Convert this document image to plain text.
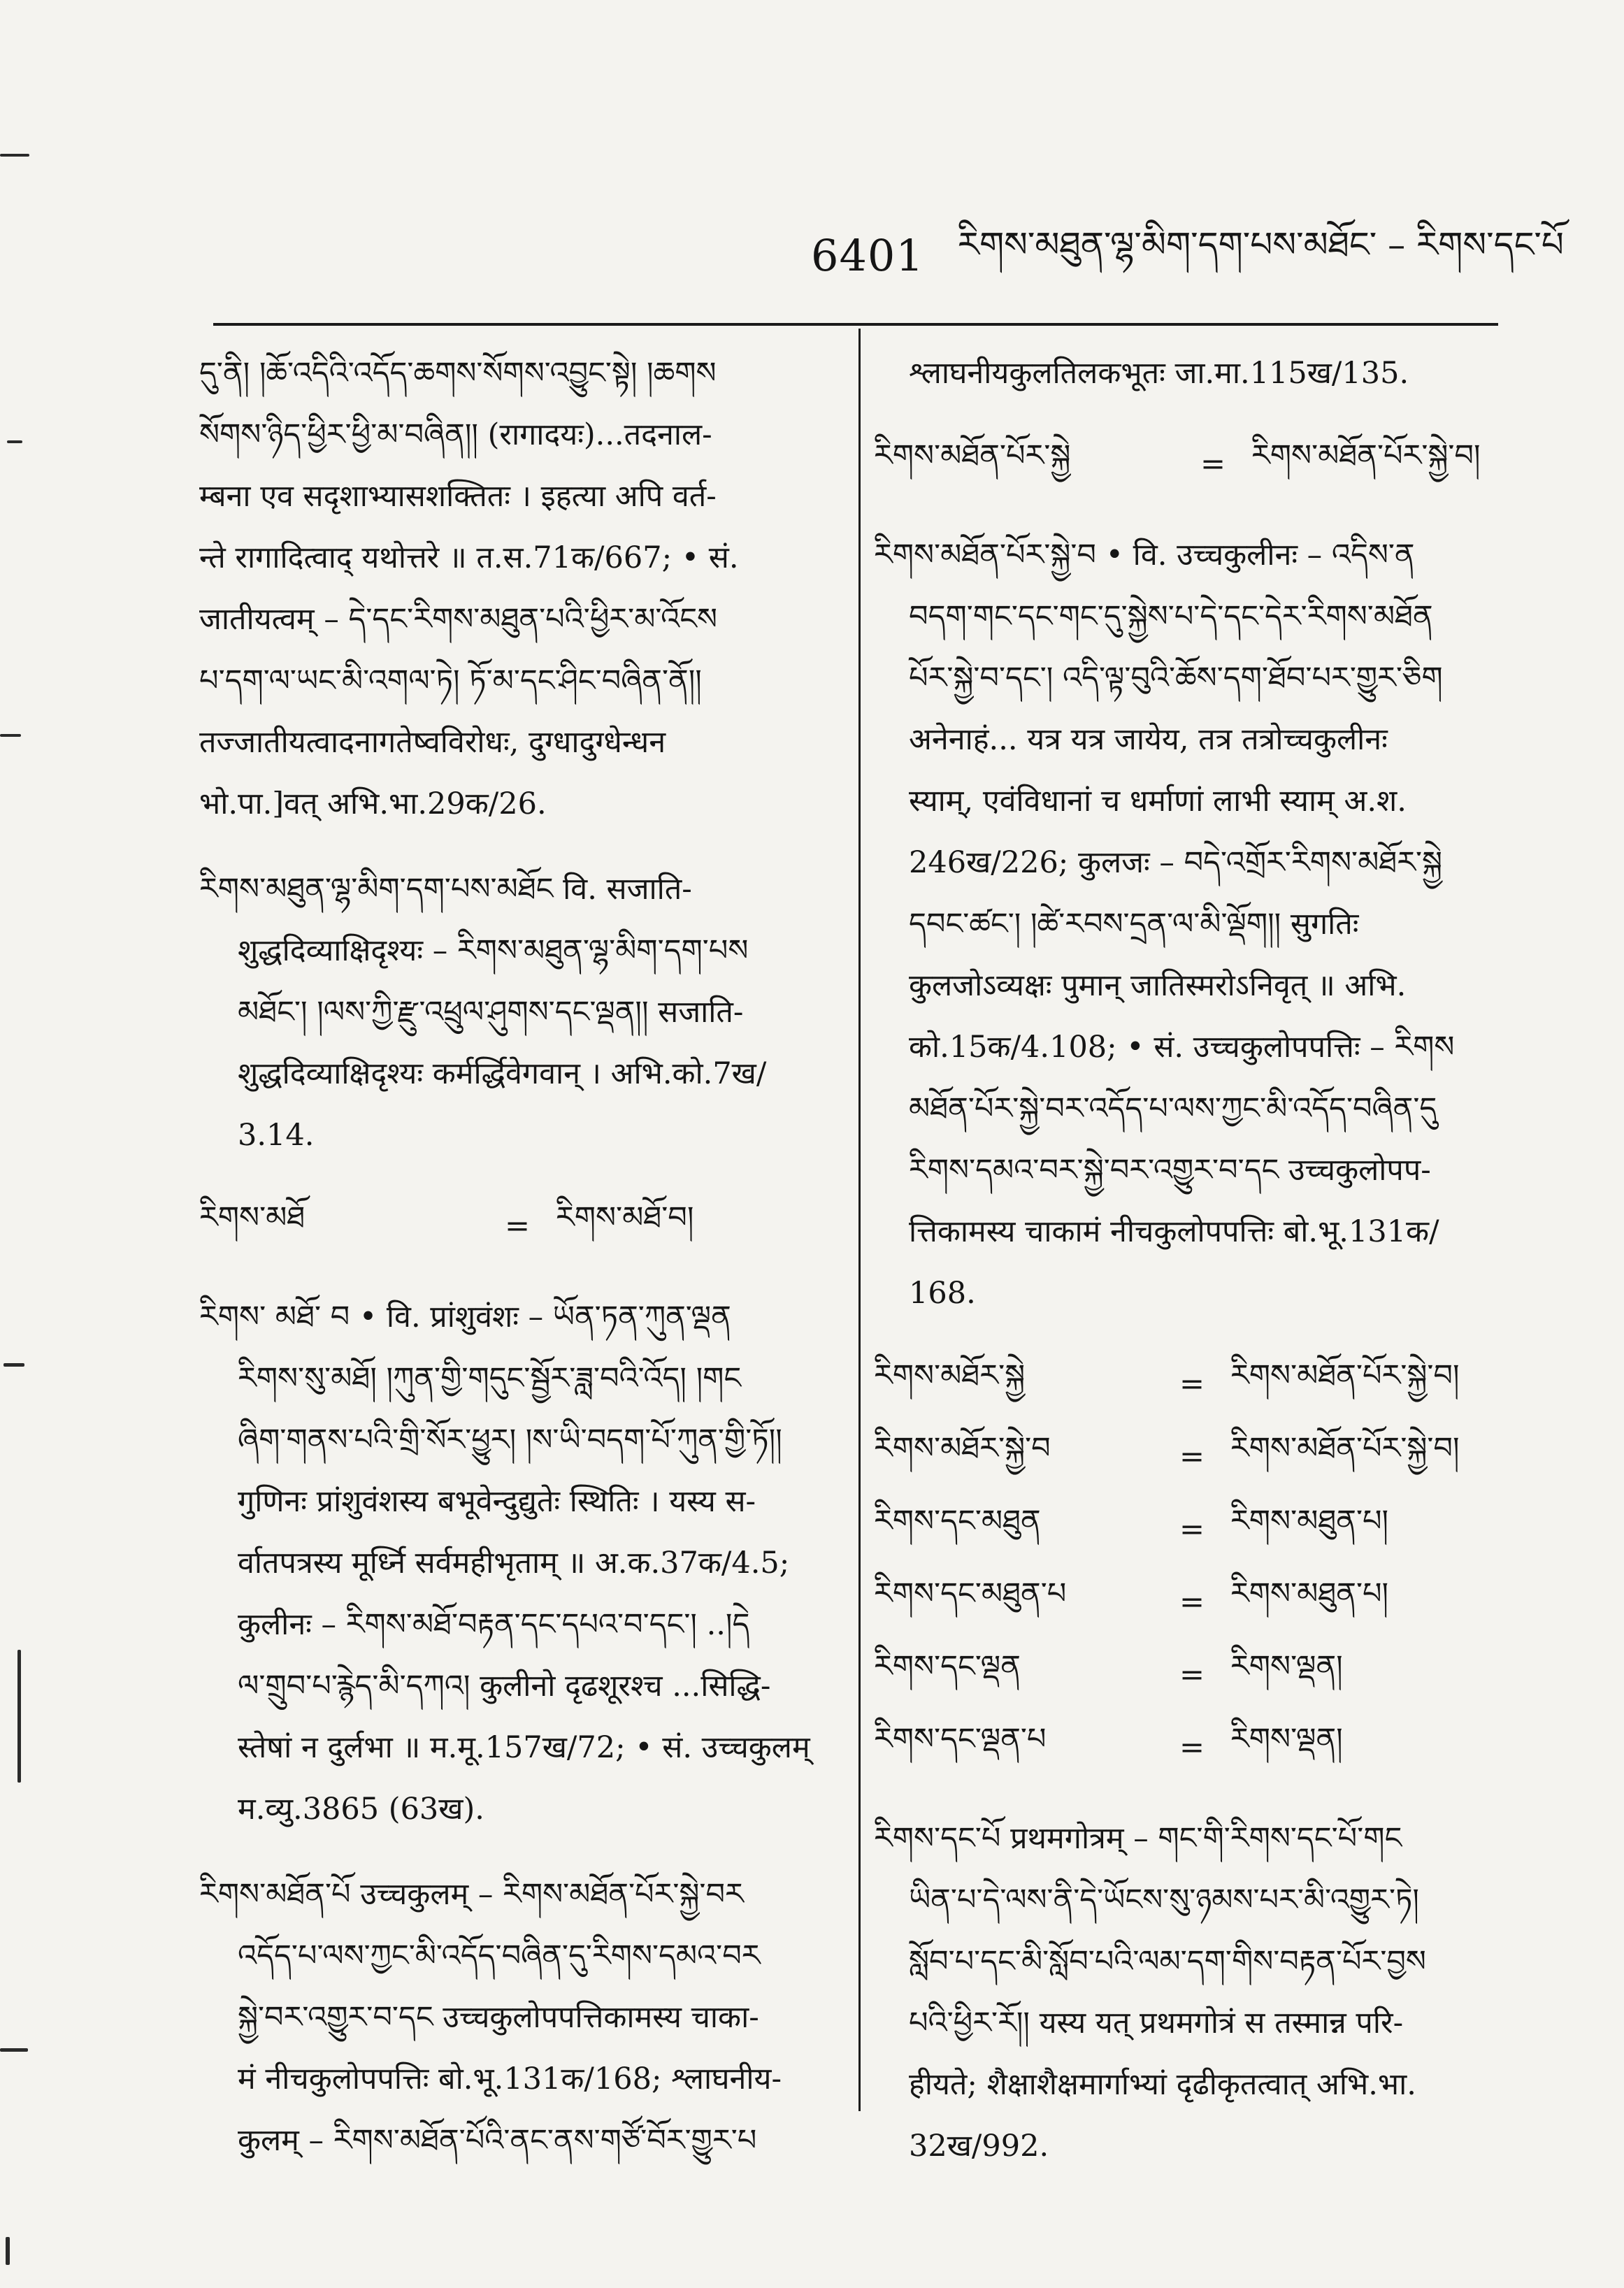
6401 རིགས་མཐུན་ལྷ་མིག་དག་པས་མཐོང་ – རིགས་དང་པོ
དུ་ནི། །ཆོ་འདིའི་འདོད་ཆགས་སོགས་འབྱུང་སྟེ། །ཆགས
སོགས་ཉིད་ཕྱིར་ཕྱི་མ་བཞིན།། (रागादयः)...तदनाल-
म्बना एव सदृशाभ्यासशक्तितः । इहत्या अपि वर्त-
न्ते रागादित्वाद् यथोत्तरे ॥ त.स.71क/667; • सं.
जातीयत्वम् – དེ་དང་རིགས་མཐུན་པའི་ཕྱིར་མ་འོངས
པ་དག་ལ་ཡང་མི་འགལ་ཏེ། ཏོ་མ་དང་ཤིང་བཞིན་ནོ།།
तज्जातीयत्वादनागतेष्वविरोधः, दुग्धादुग्धेन्धन
भो.पा.]वत् अभि.भा.29क/26.
རིགས་མཐུན་ལྷ་མིག་དག་པས་མཐོང वि. सजाति-
शुद्धदिव्याक्षिदृश्यः – རིགས་མཐུན་ལྷ་མིག་དག་པས
མཐོང་། །ལས་ཀྱི་རྫུ་འཕྲུལ་ཤུགས་དང་ལྡན།། सजाति-
शुद्धदिव्याक्षिदृश्यः कर्मर्द्धिवेगवान् । अभि.को.7ख/
3.14.
རིགས་མཐོ	= རིགས་མཐོ་བ།
རིགས་ མཐོ་ བ • वि. प्रांशुवंशः – ཡོན་ཏན་ཀུན་ལྡན
རིགས་སུ་མཐོ། །ཀུན་གྱི་གདུང་སྦྱོར་ཟླ་བའི་འོད། །གང
ཞིག་གནས་པའི་གྲི་སོར་ཕྱུར། །ས་ཡི་བདག་པོ་ཀུན་གྱི་ཏོ།།
गुणिनः प्रांशुवंशस्य बभूवेन्दुद्युतेः स्थितिः । यस्य स-
र्वातपत्रस्य मूर्ध्नि सर्वमहीभृताम् ॥ अ.क.37क/4.5;
कुलीनः – རིགས་མཐོ་བརྟན་དང་དཔའ་བ་དང་། ..།དེ
ལ་གྲུབ་པ་རྙེད་མི་དཀའ། कुलीनो दृढशूरश्च ...सिद्धि-
स्तेषां न दुर्लभा ॥ म.मू.157ख/72; • सं. उच्चकुलम्
म.व्यु.3865 (63ख).
རིགས་མཐོན་པོ उच्चकुलम् – རིགས་མཐོན་པོར་སྐྱེ་བར
འདོད་པ་ལས་ཀྱང་མི་འདོད་བཞིན་དུ་རིགས་དམའ་བར
སྐྱེ་བར་འགྱུར་བ་དང उच्चकुलोपपत्तिकामस्य चाका-
मं नीचकुलोपपत्तिः बो.भू.131क/168; श्लाघनीय-
कुलम् – རིགས་མཐོན་པོའི་ནང་ནས་གཙོ་བོར་གྱུར་པ
श्लाघनीयकुलतिलकभूतः जा.मा.115ख/135.
རིགས་མཐོན་པོར་སྐྱེ	= རིགས་མཐོན་པོར་སྐྱེ་བ།
རིགས་མཐོན་པོར་སྐྱེ་བ • वि. उच्चकुलीनः – འདིས་ན
བདག་གང་དང་གང་དུ་སྐྱེས་པ་དེ་དང་དེར་རིགས་མཐོན
པོར་སྐྱེ་བ་དང་། འདི་ལྟ་བུའི་ཆོས་དག་ཐོབ་པར་གྱུར་ཅིག
अनेनाहं... यत्र यत्र जायेय, तत्र तत्रोच्चकुलीनः
स्याम्, एवंविधानां च धर्माणां लाभी स्याम् अ.श.
246ख/226; कुलजः – བདེ་འགྲོར་རིགས་མཐོར་སྐྱེ
དབང་ཚང་། །ཚེ་རབས་དྲན་ལ་མི་ལྡོག།། सुगतिः
कुलजोऽव्यक्षः पुमान् जातिस्मरोऽनिवृत् ॥ अभि.
को.15क/4.108; • सं. उच्चकुलोपपत्तिः – རིགས
མཐོན་པོར་སྐྱེ་བར་འདོད་པ་ལས་ཀྱང་མི་འདོད་བཞིན་དུ
རིགས་དམའ་བར་སྐྱེ་བར་འགྱུར་བ་དང उच्चकुलोपप-
त्तिकामस्य चाकामं नीचकुलोपपत्तिः बो.भू.131क/
168.
རིགས་མཐོར་སྐྱེ	= རིགས་མཐོན་པོར་སྐྱེ་བ།
རིགས་མཐོར་སྐྱེ་བ	= རིགས་མཐོན་པོར་སྐྱེ་བ།
རིགས་དང་མཐུན	= རིགས་མཐུན་པ།
རིགས་དང་མཐུན་པ	= རིགས་མཐུན་པ།
རིགས་དང་ལྡན	= རིགས་ལྡན།
རིགས་དང་ལྡན་པ	= རིགས་ལྡན།
རིགས་དང་པོ प्रथमगोत्रम् – གང་གི་རིགས་དང་པོ་གང
ཡིན་པ་དེ་ལས་ནི་དེ་ཡོངས་སུ་ཉམས་པར་མི་འགྱུར་ཏེ།
སློབ་པ་དང་མི་སློབ་པའི་ལམ་དག་གིས་བརྟན་པོར་བྱས
པའི་ཕྱིར་རོ།། यस्य यत् प्रथमगोत्रं स तस्मान्न परि-
हीयते; शैक्षाशैक्षमार्गाभ्यां दृढीकृतत्वात् अभि.भा.
32ख/992.
